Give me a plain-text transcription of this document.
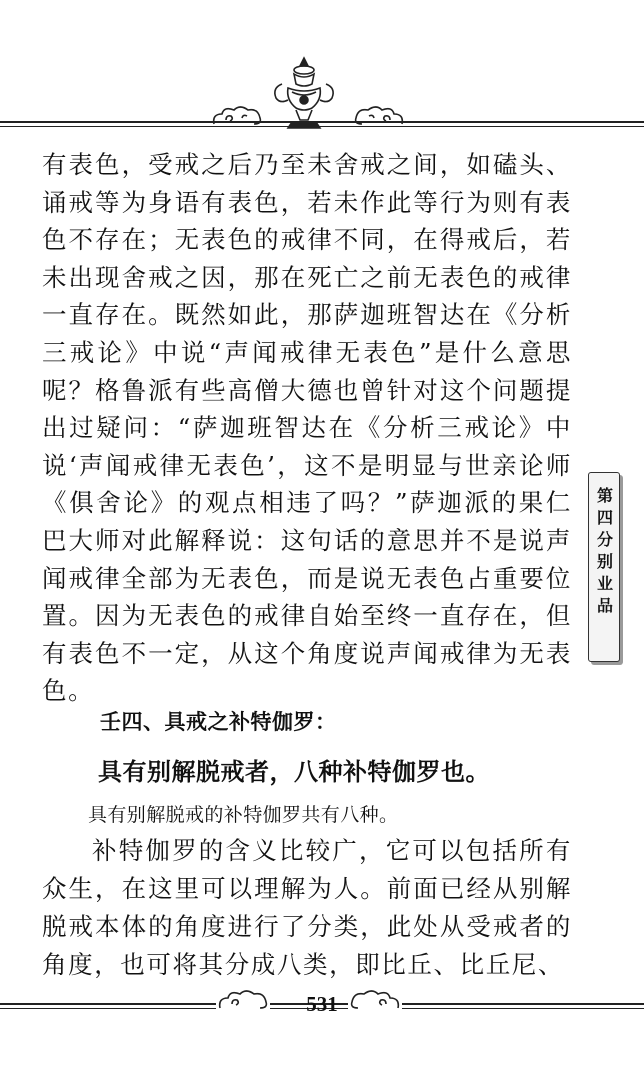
有表色，受戒之后乃至未舍戒之间，如磕头、诵戒等为身语有表色，若未作此等行为则有表色不存在；无表色的戒律不同，在得戒后，若未出现舍戒之因，那在死亡之前无表色的戒律一直存在。既然如此，那萨迦班智达在《分析三戒论》中说“声闻戒律无表色”是什么意思呢？格鲁派有些高僧大德也曾针对这个问题提出过疑问：“萨迦班智达在《分析三戒论》中说‘声闻戒律无表色’，这不是明显与世亲论师《俱舍论》的观点相违了吗？”萨迦派的果仁巴大师对此解释说：这句话的意思并不是说声闻戒律全部为无表色，而是说无表色占重要位置。因为无表色的戒律自始至终一直存在，但有表色不一定，从这个角度说声闻戒律为无表色。
壬四、具戒之补特伽罗：
具有别解脱戒者，八种补特伽罗也。
具有别解脱戒的补特伽罗共有八种。
补特伽罗的含义比较广，它可以包括所有众生，在这里可以理解为人。前面已经从别解脱戒本体的角度进行了分类，此处从受戒者的角度，也可将其分成八类，即比丘、比丘尼、
第四分别业品
531
